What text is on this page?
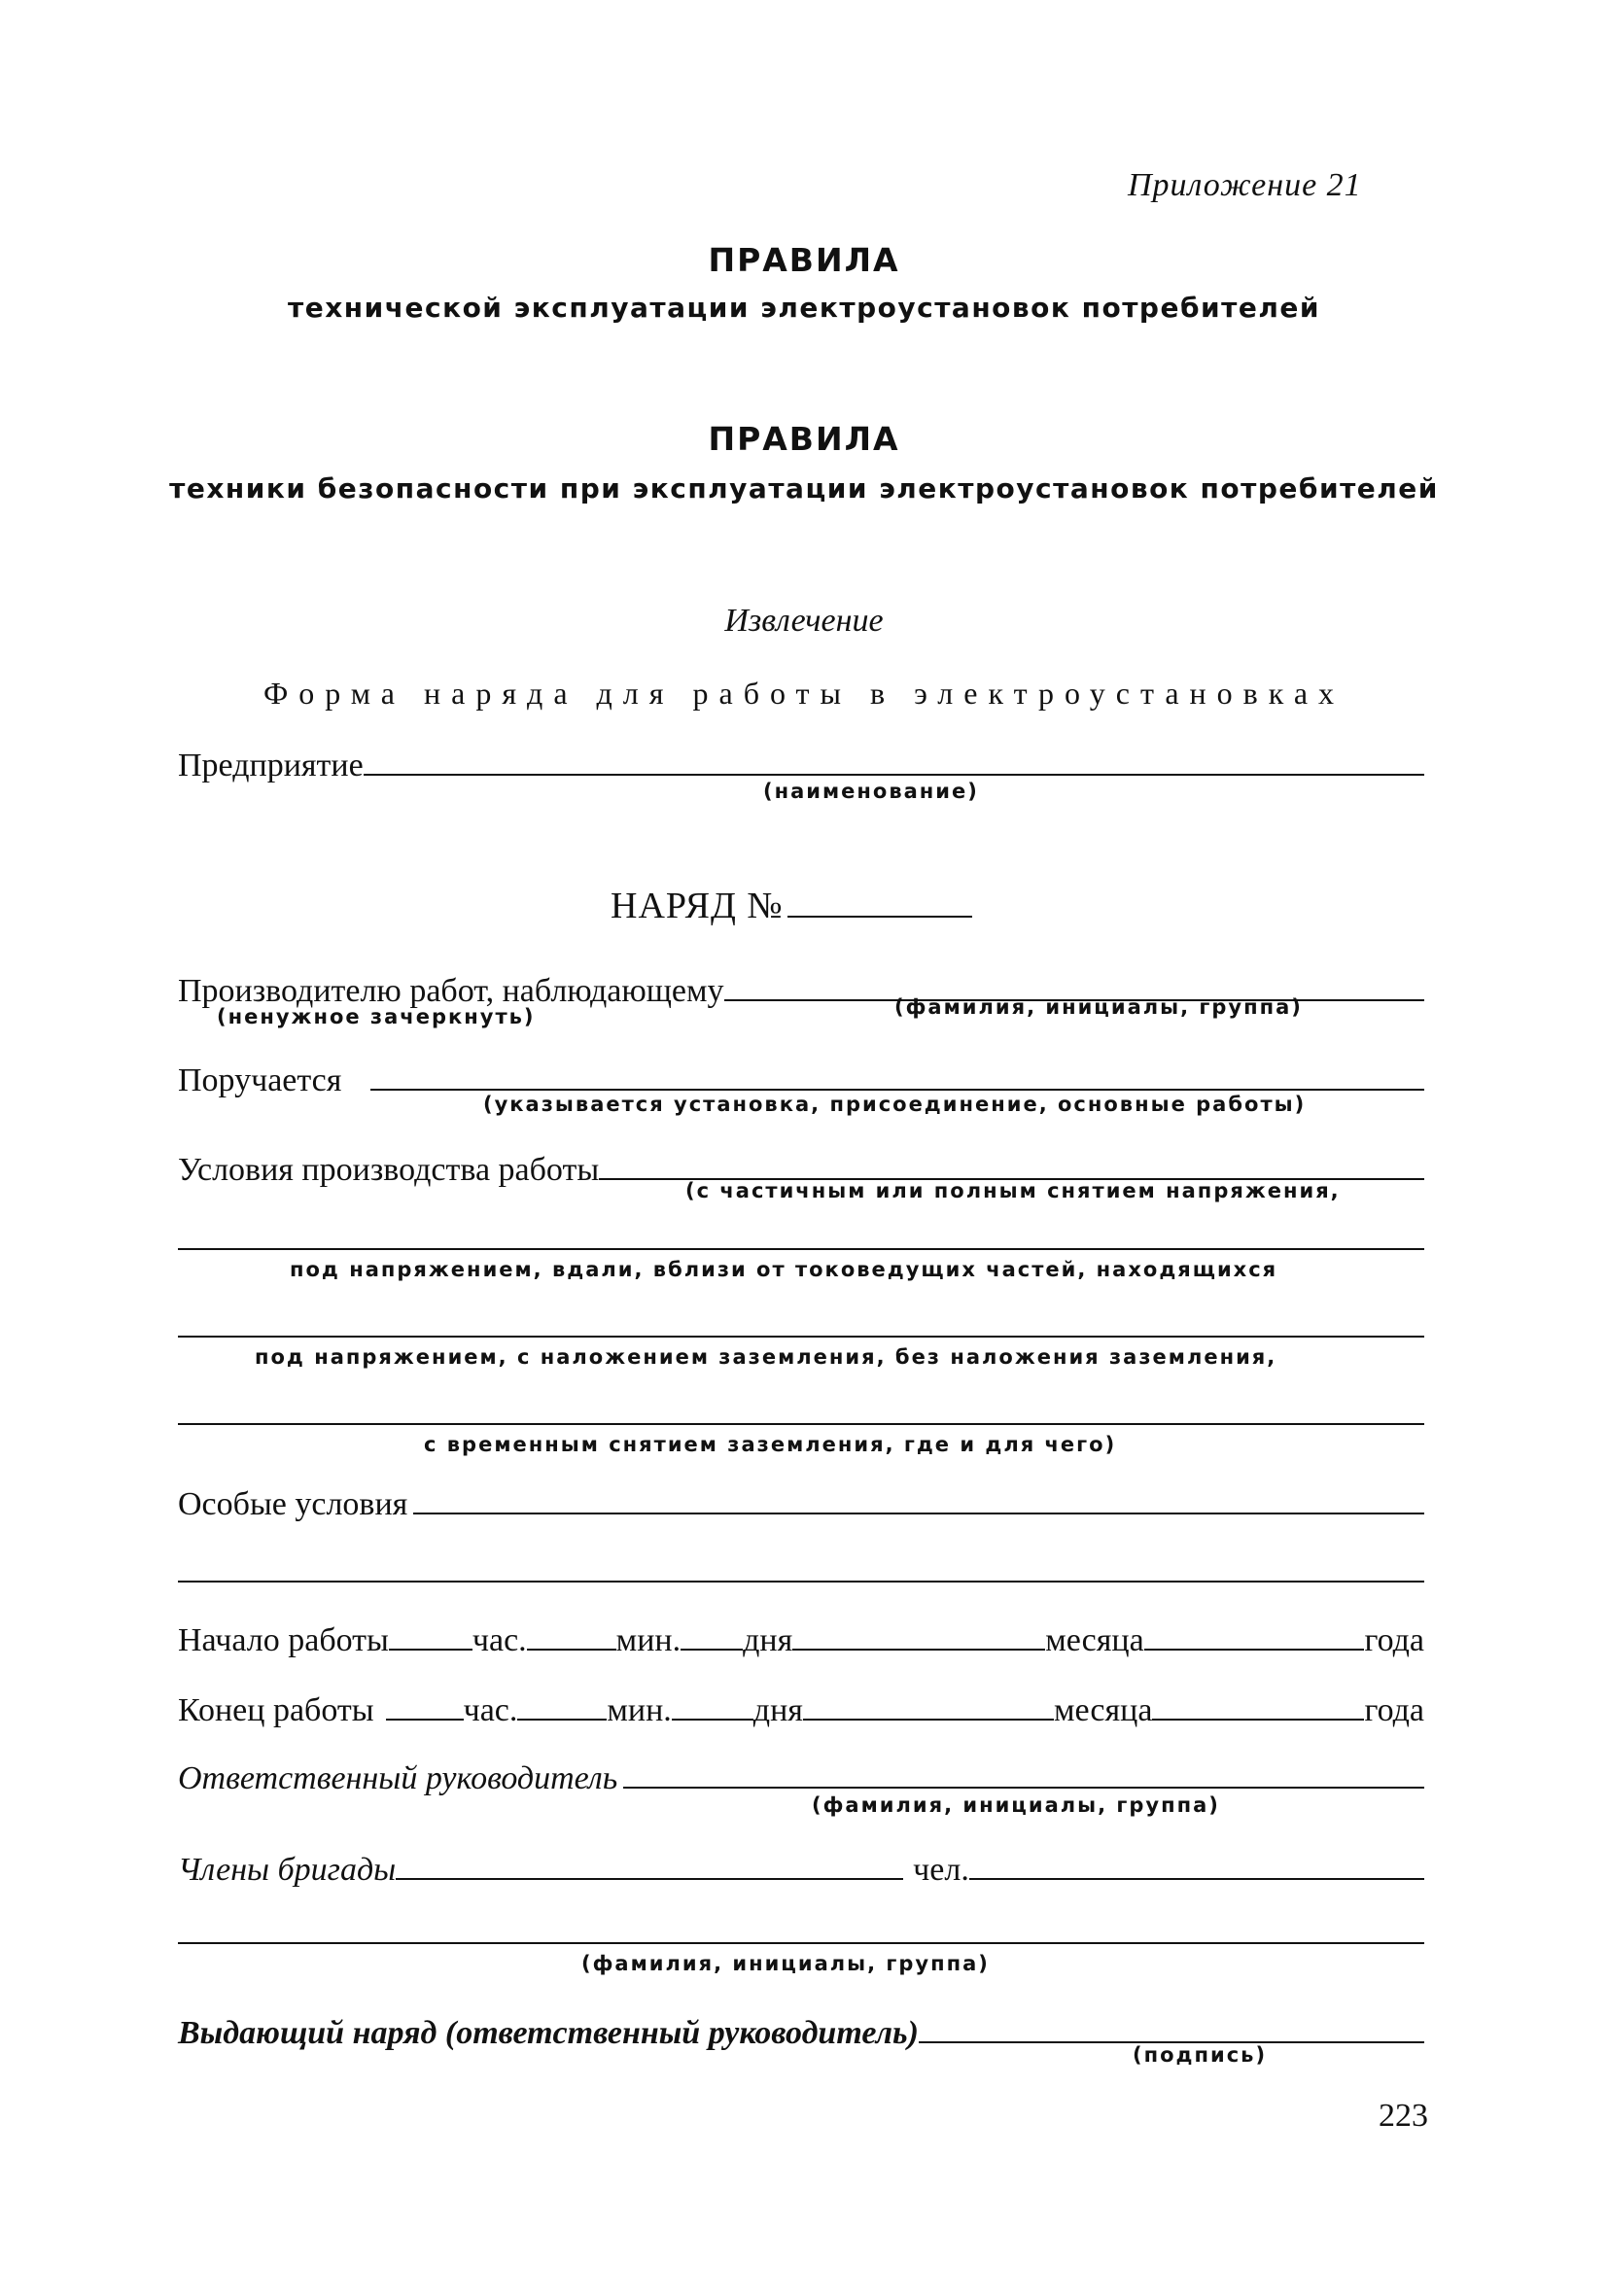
Приложение 21
ПРАВИЛА
технической эксплуатации электроустановок потребителей
ПРАВИЛА
техники безопасности при эксплуатации электроустановок потребителей
Извлечение
Форма наряда для работы в электроустановках
Предприятие
(наименование)
НАРЯД №
Производителю работ, наблюдающему
(ненужное зачеркнуть)	(фамилия, инициалы, группа)
Поручается
(указывается установка, присоединение, основные работы)
Условия производства работы
(с частичным или полным снятием напряжения,
под напряжением, вдали, вблизи от токоведущих частей, находящихся
под напряжением, с наложением заземления, без наложения заземления,
с временным снятием заземления, где и для чего)
Особые условия
Начало работы	час.	мин. дня	месяца	года
Конец работы	час.	мин. дня	месяца	года
Ответственный руководитель
(фамилия, инициалы, группа)
Члены бригады	чел.
(фамилия, инициалы, группа)
Выдающий наряд (ответственный руководитель)
(подпись)
223
